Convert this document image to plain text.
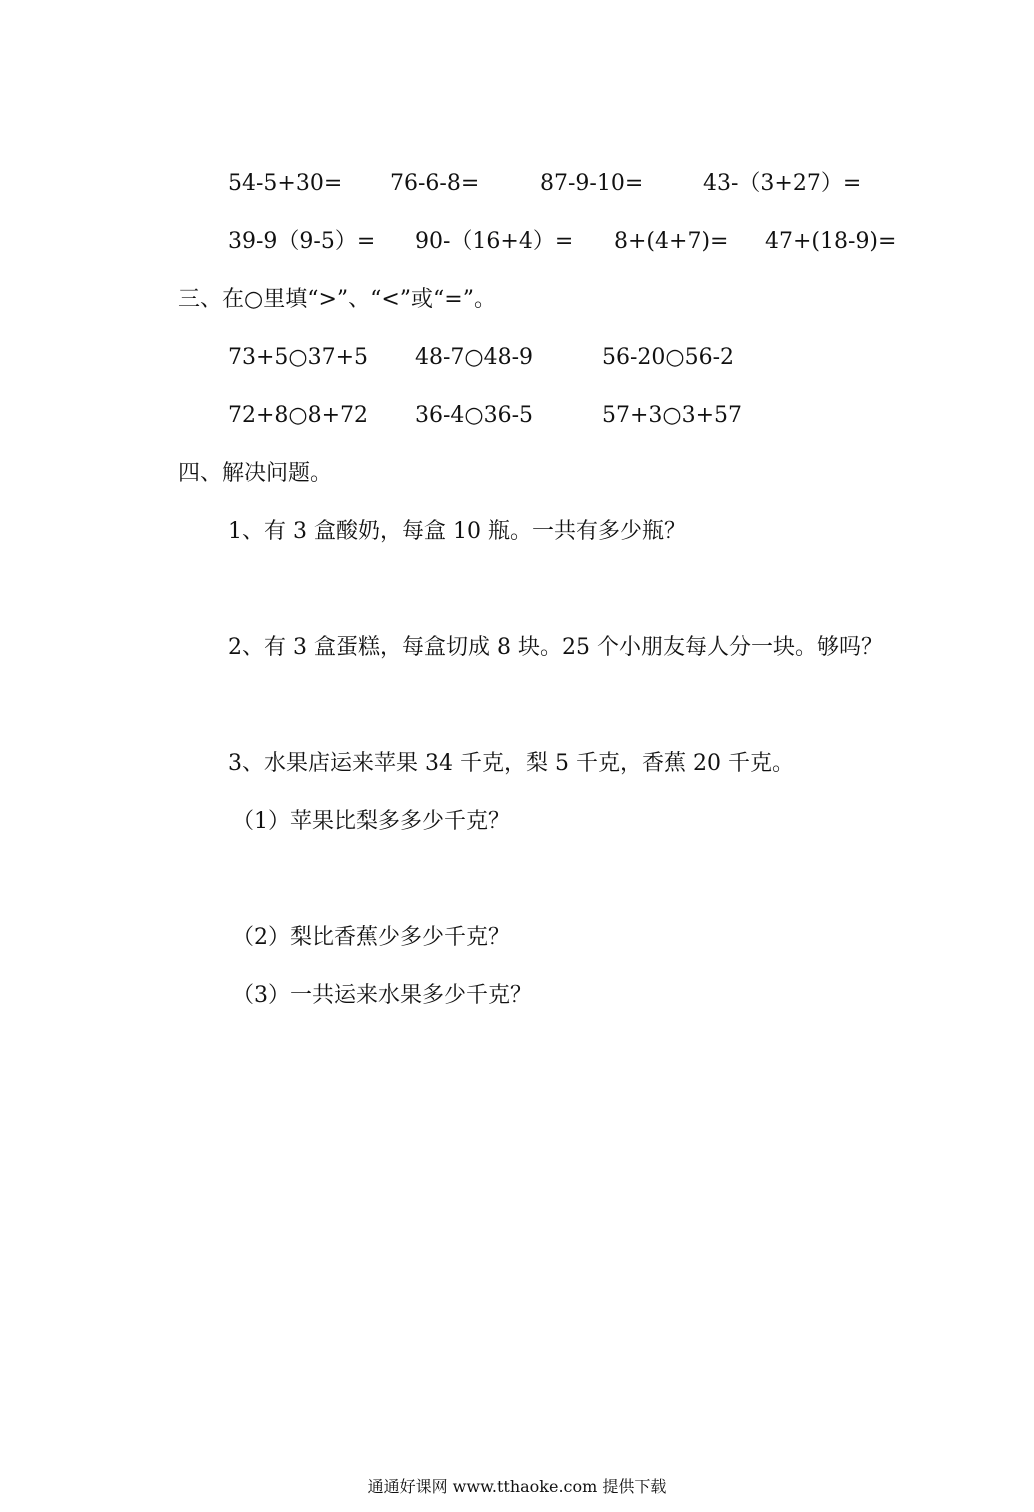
54-5+30= 76-6-8=	87-9-10=	43-（3+27）=
39-9（9-5）= 90-（16+4）= 8+(4+7)= 47+(18-9)=
三、在○里填“>”、“<”或“=”。
73+5○37+5 48-7○48-9	56-20○56-2
72+8○8+72 36-4○36-5	57+3○3+57
四、解决问题。
1、有 3 盒酸奶，每盒 10 瓶。一共有多少瓶？
2、有 3 盒蛋糕，每盒切成 8 块。25 个小朋友每人分一块。够吗？
3、水果店运来苹果 34 千克，梨 5 千克，香蕉 20 千克。
（1）苹果比梨多多少千克？
（2）梨比香蕉少多少千克？
（3）一共运来水果多少千克？
通通好课网 www.tthaoke.com 提供下载
